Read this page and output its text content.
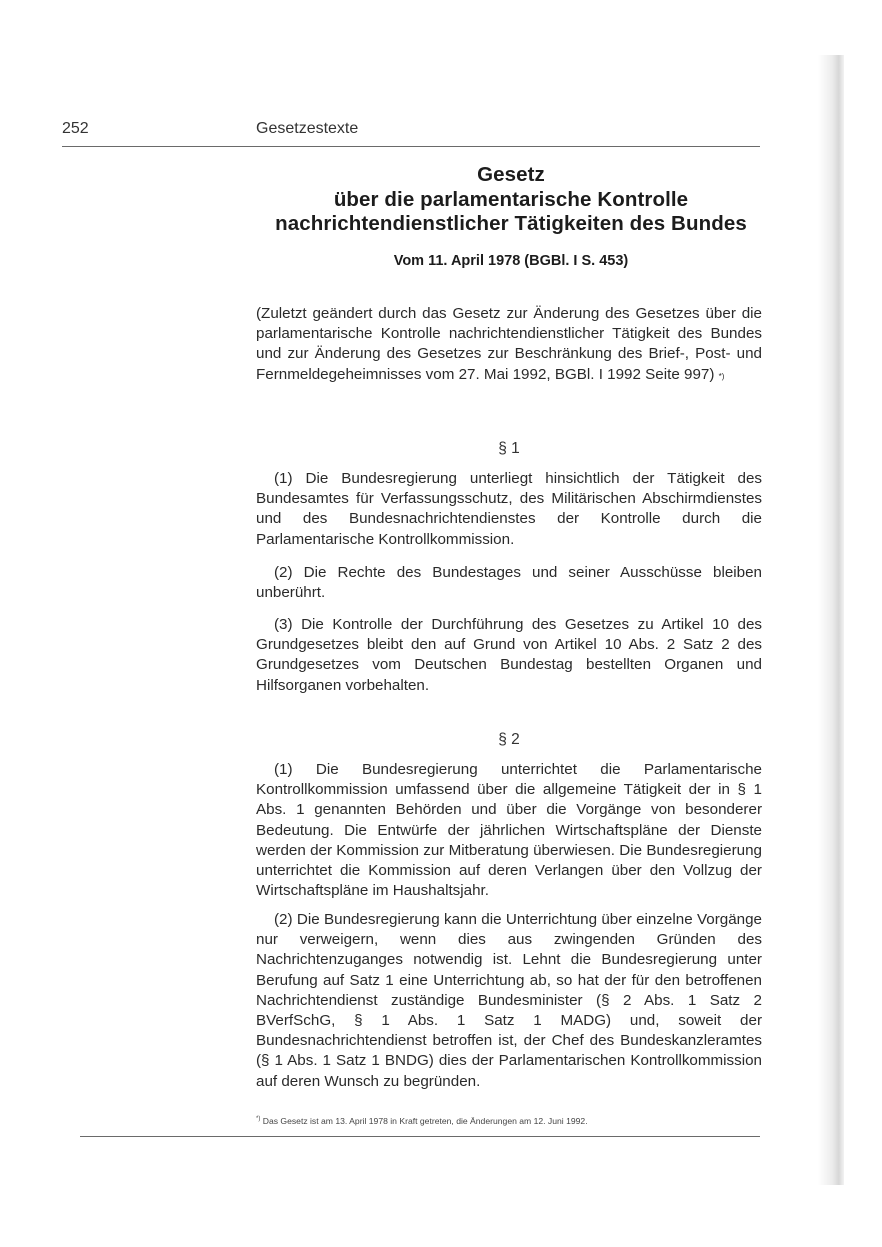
252	Gesetzestexte
Gesetz
über die parlamentarische Kontrolle
nachrichtendienstlicher Tätigkeiten des Bundes
Vom 11. April 1978 (BGBl. I S. 453)

(Zuletzt geändert durch das Gesetz zur Änderung des Gesetzes über die parlamentarische Kontrolle nachrichtendienstlicher Tätigkeit des Bundes und zur Änderung des Gesetzes zur Beschränkung des Brief-, Post- und Fernmeldegeheimnisses vom 27. Mai 1992, BGBl. I 1992 Seite 997) *)

§ 1

(1) Die Bundesregierung unterliegt hinsichtlich der Tätigkeit des Bundesamtes für Verfassungsschutz, des Militärischen Abschirmdienstes und des Bundesnachrichtendienstes der Kontrolle durch die Parlamentarische Kontrollkommission.

(2) Die Rechte des Bundestages und seiner Ausschüsse bleiben unberührt.

(3) Die Kontrolle der Durchführung des Gesetzes zu Artikel 10 des Grundgesetzes bleibt den auf Grund von Artikel 10 Abs. 2 Satz 2 des Grundgesetzes vom Deutschen Bundestag bestellten Organen und Hilfsorganen vorbehalten.

§ 2

(1) Die Bundesregierung unterrichtet die Parlamentarische Kontrollkommission umfassend über die allgemeine Tätigkeit der in § 1 Abs. 1 genannten Behörden und über die Vorgänge von besonderer Bedeutung. Die Entwürfe der jährlichen Wirtschaftspläne der Dienste werden der Kommission zur Mitberatung überwiesen. Die Bundesregierung unterrichtet die Kommission auf deren Verlangen über den Vollzug der Wirtschaftspläne im Haushaltsjahr.

(2) Die Bundesregierung kann die Unterrichtung über einzelne Vorgänge nur verweigern, wenn dies aus zwingenden Gründen des Nachrichtenzuganges notwendig ist. Lehnt die Bundesregierung unter Berufung auf Satz 1 eine Unterrichtung ab, so hat der für den betroffenen Nachrichtendienst zuständige Bundesminister (§ 2 Abs. 1 Satz 2 BVerfSchG, § 1 Abs. 1 Satz 1 MADG) und, soweit der Bundesnachrichtendienst betroffen ist, der Chef des Bundeskanzleramtes (§ 1 Abs. 1 Satz 1 BNDG) dies der Parlamentarischen Kontrollkommission auf deren Wunsch zu begründen.

*) Das Gesetz ist am 13. April 1978 in Kraft getreten, die Änderungen am 12. Juni 1992.
